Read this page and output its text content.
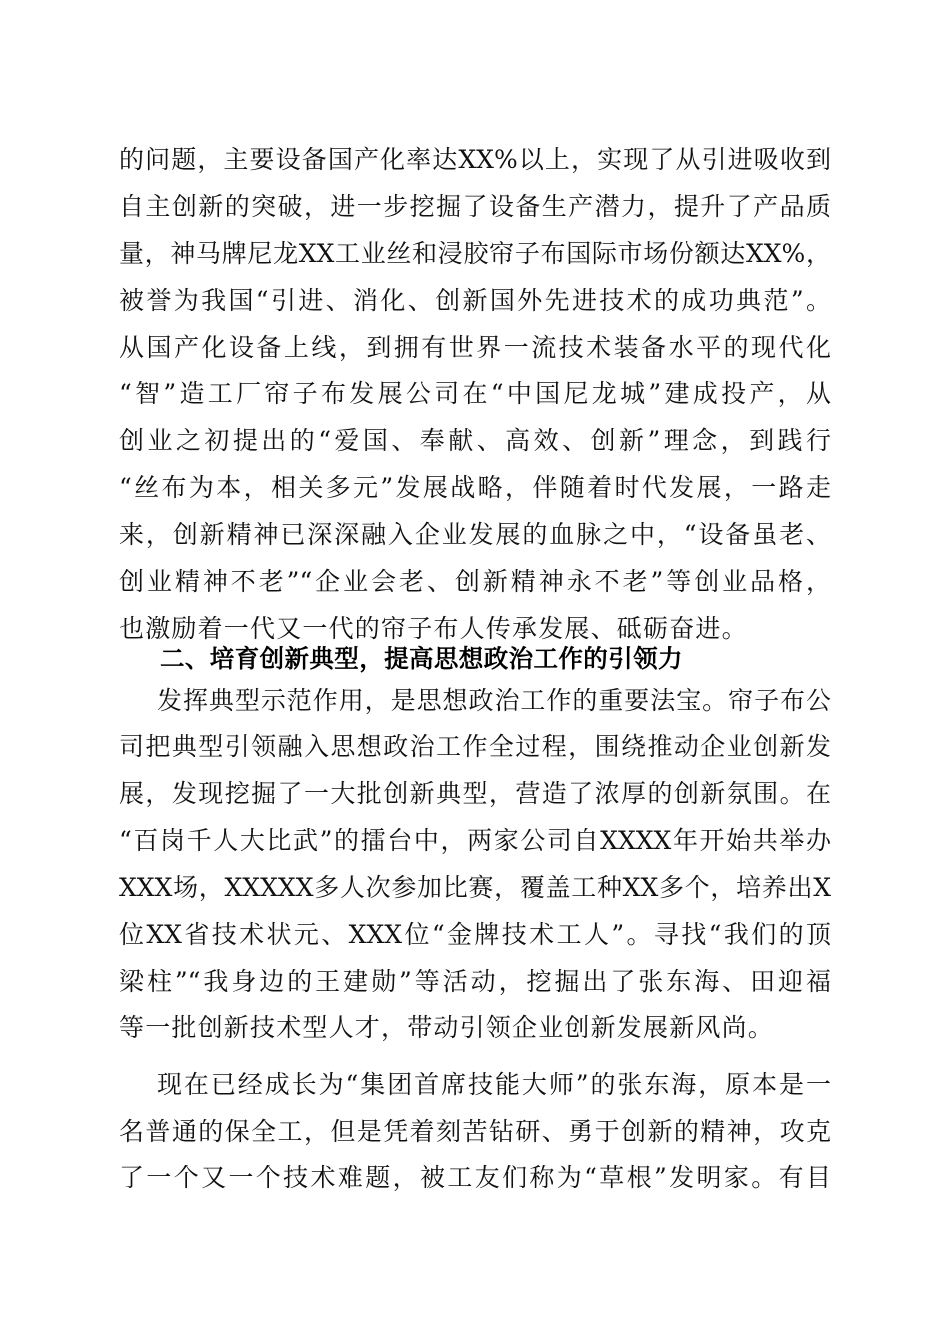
的问题，主要设备国产化率达XX%以上，实现了从引进吸收到
自主创新的突破，进一步挖掘了设备生产潜力，提升了产品质
量，神马牌尼龙XX工业丝和浸胶帘子布国际市场份额达XX%，
被誉为我国“引进、消化、创新国外先进技术的成功典范”。
从国产化设备上线，到拥有世界一流技术装备水平的现代化
“智”造工厂帘子布发展公司在“中国尼龙城”建成投产，从
创业之初提出的“爱国、奉献、高效、创新”理念，到践行
“丝布为本，相关多元”发展战略，伴随着时代发展，一路走
来，创新精神已深深融入企业发展的血脉之中，“设备虽老、
创业精神不老”“企业会老、创新精神永不老”等创业品格，
也激励着一代又一代的帘子布人传承发展、砥砺奋进。
二、培育创新典型，提高思想政治工作的引领力
发挥典型示范作用，是思想政治工作的重要法宝。帘子布公
司把典型引领融入思想政治工作全过程，围绕推动企业创新发
展，发现挖掘了一大批创新典型，营造了浓厚的创新氛围。在
“百岗千人大比武”的擂台中，两家公司自XXXX年开始共举办
XXX场，XXXXX多人次参加比赛，覆盖工种XX多个，培养出X
位XX省技术状元、XXX位“金牌技术工人”。寻找“我们的顶
梁柱”“我身边的王建勋”等活动，挖掘出了张东海、田迎福
等一批创新技术型人才，带动引领企业创新发展新风尚。
现在已经成长为“集团首席技能大师”的张东海，原本是一
名普通的保全工，但是凭着刻苦钻研、勇于创新的精神，攻克
了一个又一个技术难题，被工友们称为“草根”发明家。有目
